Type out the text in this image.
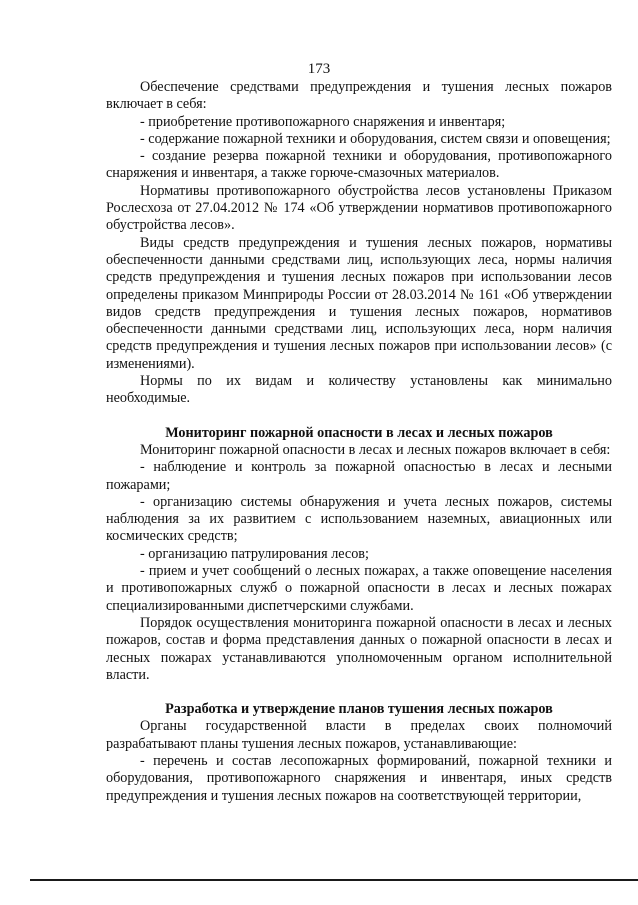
173

Обеспечение средствами предупреждения и тушения лесных пожаров включает в себя:

- приобретение противопожарного снаряжения и инвентаря;

- содержание пожарной техники и оборудования, систем связи и оповещения;

- создание резерва пожарной техники и оборудования, противопожарного снаряжения и инвентаря, а также горюче-смазочных материалов.

Нормативы противопожарного обустройства лесов установлены Приказом Рослесхоза от 27.04.2012 № 174 «Об утверждении нормативов противопожарного обустройства лесов».

Виды средств предупреждения и тушения лесных пожаров, нормативы обеспеченности данными средствами лиц, использующих леса, нормы наличия средств предупреждения и тушения лесных пожаров при использовании лесов определены приказом Минприроды России от 28.03.2014 № 161 «Об утверждении видов средств предупреждения и тушения лесных пожаров, нормативов обеспеченности данными средствами лиц, использующих леса, норм наличия средств предупреждения и тушения лесных пожаров при использовании лесов» (с изменениями).

Нормы по их видам и количеству установлены как минимально необходимые.

Мониторинг пожарной опасности в лесах и лесных пожаров

Мониторинг пожарной опасности в лесах и лесных пожаров включает в себя:

- наблюдение и контроль за пожарной опасностью в лесах и лесными пожарами;

- организацию системы обнаружения и учета лесных пожаров, системы наблюдения за их развитием с использованием наземных, авиационных или космических средств;

- организацию патрулирования лесов;

- прием и учет сообщений о лесных пожарах, а также оповещение населения и противопожарных служб о пожарной опасности в лесах и лесных пожарах специализированными диспетчерскими службами.

Порядок осуществления мониторинга пожарной опасности в лесах и лесных пожаров, состав и форма представления данных о пожарной опасности в лесах и лесных пожарах устанавливаются уполномоченным органом исполнительной власти.

Разработка и утверждение планов тушения лесных пожаров

Органы государственной власти в пределах своих полномочий разрабатывают планы тушения лесных пожаров, устанавливающие:

- перечень и состав лесопожарных формирований, пожарной техники и оборудования, противопожарного снаряжения и инвентаря, иных средств предупреждения и тушения лесных пожаров на соответствующей территории,
